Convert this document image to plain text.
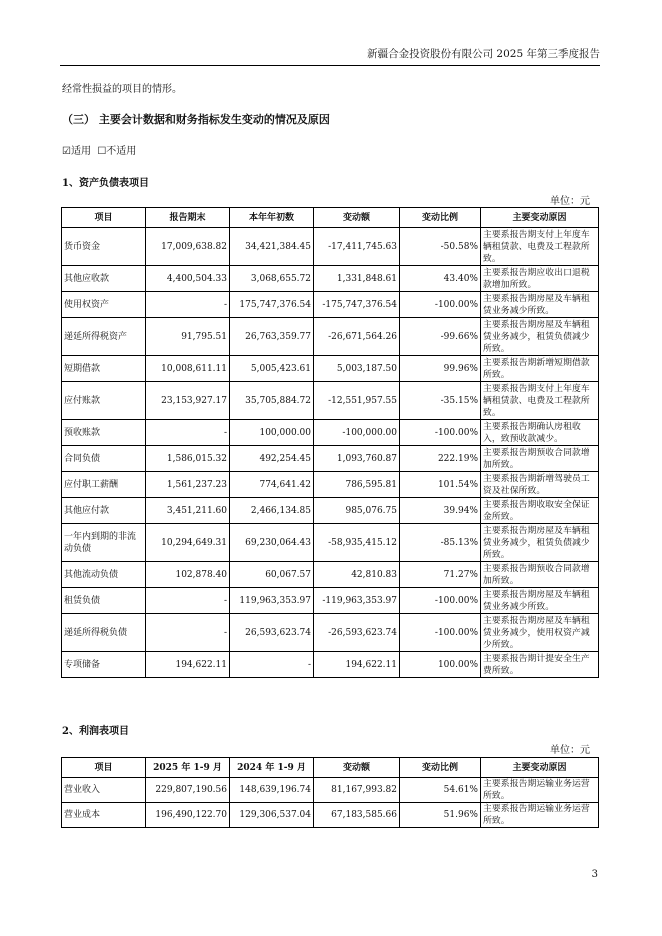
新疆合金投资股份有限公司 2025 年第三季度报告
经常性损益的项目的情形。
（三） 主要会计数据和财务指标发生变动的情况及原因
☑适用 ☐不适用
1、资产负债表项目
单位：元
项目	报告期末	本年年初数	变动额	变动比例	主要变动原因
货币资金	17,009,638.82	34,421,384.45	-17,411,745.63	-50.58%	主要系报告期支付上年度车辆租赁款、电费及工程款所致。
其他应收款	4,400,504.33	3,068,655.72	1,331,848.61	43.40%	主要系报告期应收出口退税款增加所致。
使用权资产	-	175,747,376.54	-175,747,376.54	-100.00%	主要系报告期房屋及车辆租赁业务减少所致。
递延所得税资产	91,795.51	26,763,359.77	-26,671,564.26	-99.66%	主要系报告期房屋及车辆租赁业务减少，租赁负债减少所致。
短期借款	10,008,611.11	5,005,423.61	5,003,187.50	99.96%	主要系报告期新增短期借款所致。
应付账款	23,153,927.17	35,705,884.72	-12,551,957.55	-35.15%	主要系报告期支付上年度车辆租赁款、电费及工程款所致。
预收账款	-	100,000.00	-100,000.00	-100.00%	主要系报告期确认房租收入，致预收款减少。
合同负债	1,586,015.32	492,254.45	1,093,760.87	222.19%	主要系报告期预收合同款增加所致。
应付职工薪酬	1,561,237.23	774,641.42	786,595.81	101.54%	主要系报告期新增驾驶员工资及社保所致。
其他应付款	3,451,211.60	2,466,134.85	985,076.75	39.94%	主要系报告期收取安全保证金所致。
一年内到期的非流动负债	10,294,649.31	69,230,064.43	-58,935,415.12	-85.13%	主要系报告期房屋及车辆租赁业务减少，租赁负债减少所致。
其他流动负债	102,878.40	60,067.57	42,810.83	71.27%	主要系报告期预收合同款增加所致。
租赁负债	-	119,963,353.97	-119,963,353.97	-100.00%	主要系报告期房屋及车辆租赁业务减少所致。
递延所得税负债	-	26,593,623.74	-26,593,623.74	-100.00%	主要系报告期房屋及车辆租赁业务减少，使用权资产减少所致。
专项储备	194,622.11	-	194,622.11	100.00%	主要系报告期计提安全生产费所致。
2、利润表项目
单位：元
项目	2025 年 1-9 月	2024 年 1-9 月	变动额	变动比例	主要变动原因
营业收入	229,807,190.56	148,639,196.74	81,167,993.82	54.61%	主要系报告期运输业务运营所致。
营业成本	196,490,122.70	129,306,537.04	67,183,585.66	51.96%	主要系报告期运输业务运营所致。
3
